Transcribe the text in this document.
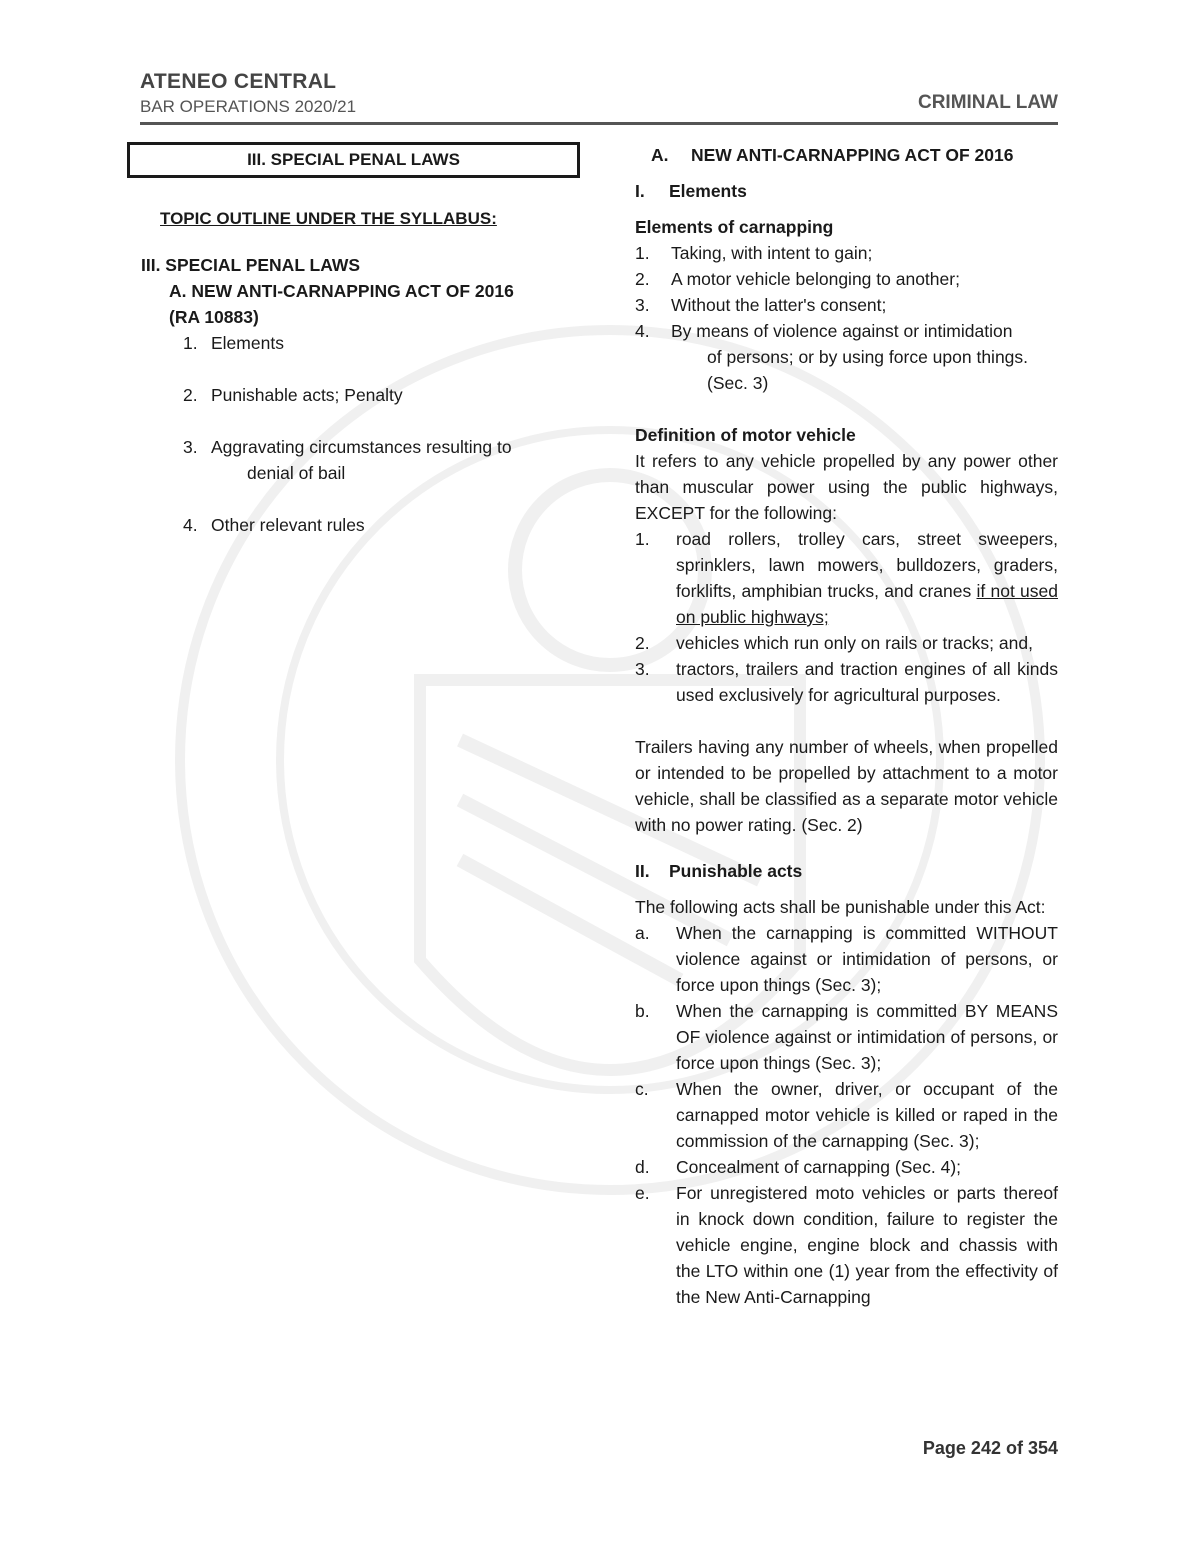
ATENEO CENTRAL
BAR OPERATIONS 2020/21	CRIMINAL LAW
III. SPECIAL PENAL LAWS
TOPIC OUTLINE UNDER THE SYLLABUS:
III. SPECIAL PENAL LAWS
A. NEW ANTI-CARNAPPING ACT OF 2016
(RA 10883)
1. Elements
2. Punishable acts; Penalty
3. Aggravating circumstances resulting to
denial of bail
4. Other relevant rules
A. NEW ANTI-CARNAPPING ACT OF 2016
I. Elements
Elements of carnapping
1. Taking, with intent to gain;
2. A motor vehicle belonging to another;
3. Without the latter's consent;
4. By means of violence against or intimidation
of persons; or by using force upon things. (Sec. 3)
Definition of motor vehicle
It refers to any vehicle propelled by any power other than muscular power using the public highways, EXCEPT for the following:
1. road rollers, trolley cars, street sweepers, sprinklers, lawn mowers, bulldozers, graders, forklifts, amphibian trucks, and cranes if not used on public highways;
2. vehicles which run only on rails or tracks; and,
3. tractors, trailers and traction engines of all kinds used exclusively for agricultural purposes.
Trailers having any number of wheels, when propelled or intended to be propelled by attachment to a motor vehicle, shall be classified as a separate motor vehicle with no power rating. (Sec. 2)
II. Punishable acts
The following acts shall be punishable under this Act:
a. When the carnapping is committed WITHOUT violence against or intimidation of persons, or force upon things (Sec. 3);
b. When the carnapping is committed BY MEANS OF violence against or intimidation of persons, or force upon things (Sec. 3);
c. When the owner, driver, or occupant of the carnapped motor vehicle is killed or raped in the commission of the carnapping (Sec. 3);
d. Concealment of carnapping (Sec. 4);
e. For unregistered moto vehicles or parts thereof in knock down condition, failure to register the vehicle engine, engine block and chassis with the LTO within one (1) year from the effectivity of the New Anti-Carnapping
Page 242 of 354
